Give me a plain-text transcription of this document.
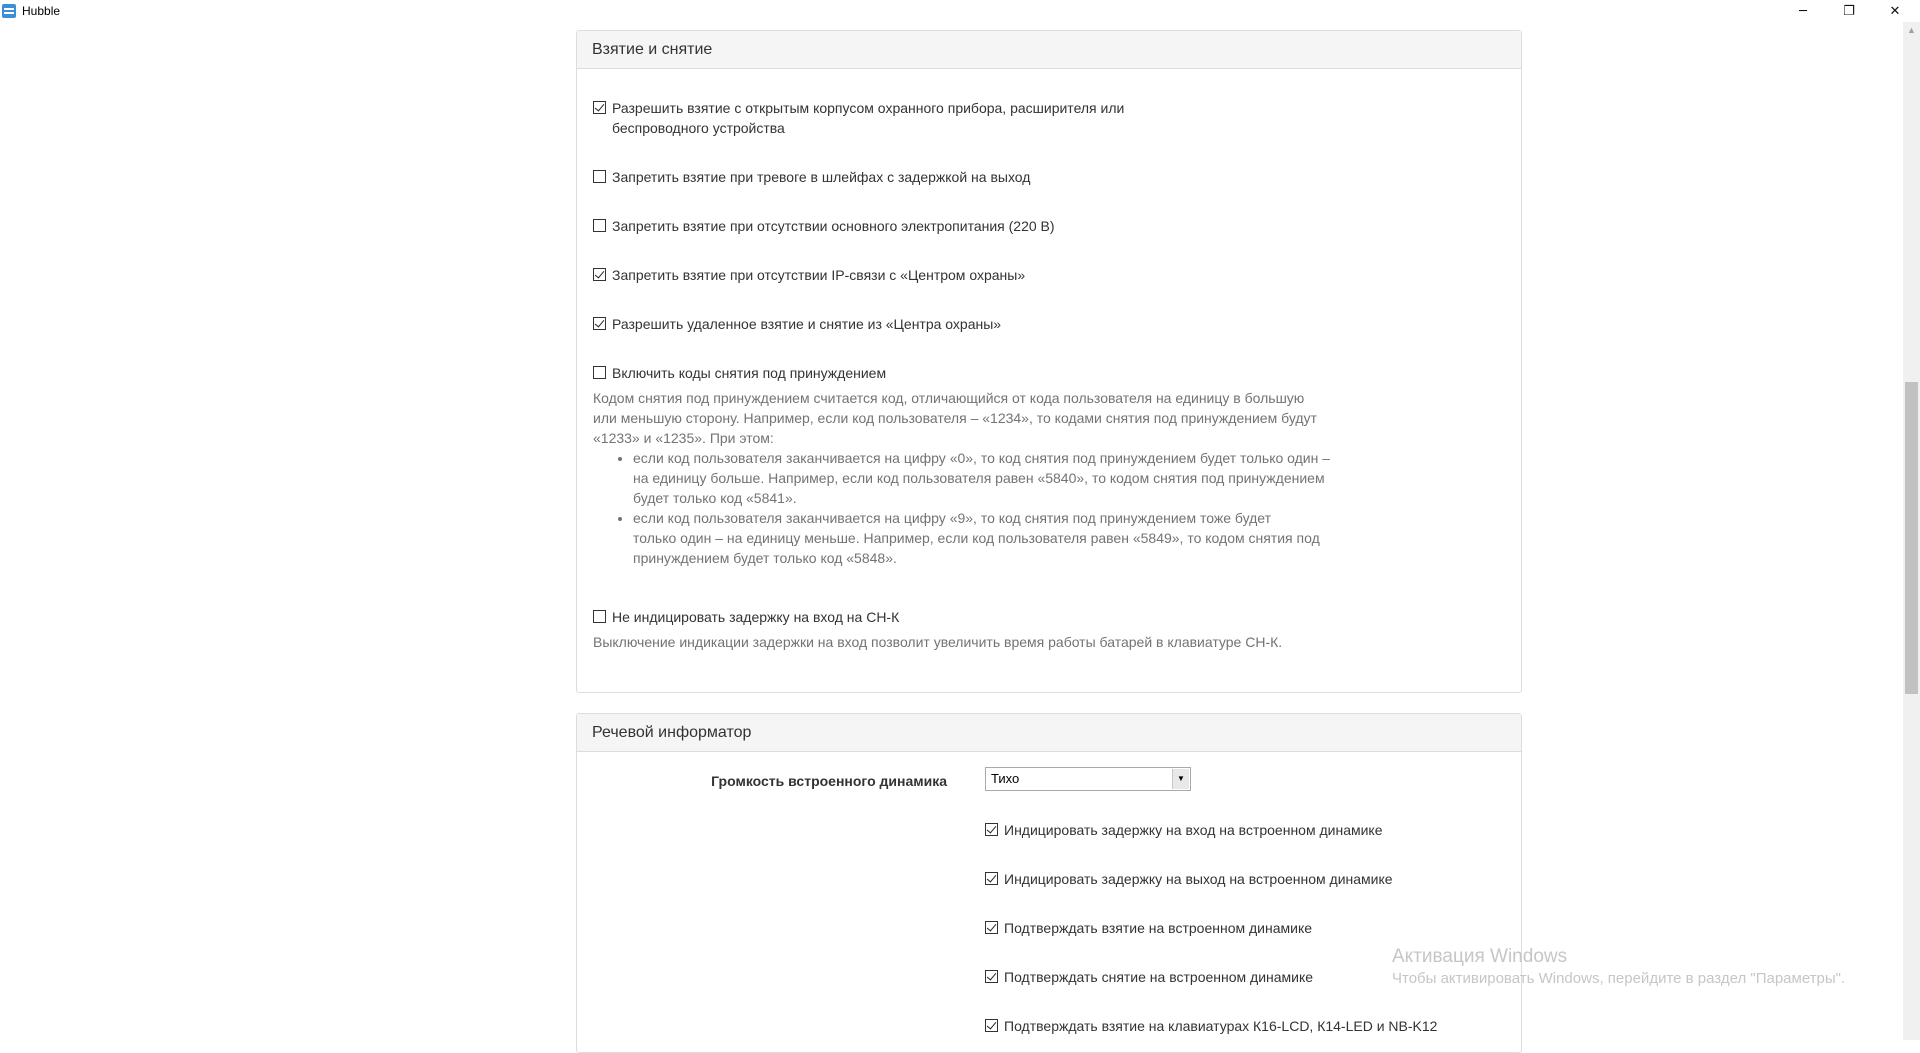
Hubble	─	❐	✕
Взятие и снятие
Разрешить взятие с открытым корпусом охранного прибора, расширителя или
беспроводного устройства
Запретить взятие при тревоге в шлейфах с задержкой на выход
Запретить взятие при отсутствии основного электропитания (220 В)
Запретить взятие при отсутствии IP-связи с «Центром охраны»
Разрешить удаленное взятие и снятие из «Центра охраны»
Включить коды снятия под принуждением
Кодом снятия под принуждением считается код, отличающийся от кода пользователя на единицу в большую
или меньшую сторону. Например, если код пользователя – «1234», то кодами снятия под принуждением будут
«1233» и «1235». При этом:
• если код пользователя заканчивается на цифру «0», то код снятия под принуждением будет только один –
на единицу больше. Например, если код пользователя равен «5840», то кодом снятия под принуждением
будет только код «5841».
• если код пользователя заканчивается на цифру «9», то код снятия под принуждением тоже будет
только один – на единицу меньше. Например, если код пользователя равен «5849», то кодом снятия под
принуждением будет только код «5848».
Не индицировать задержку на вход на СН-К
Выключение индикации задержки на вход позволит увеличить время работы батарей в клавиатуре СН-К.
Речевой информатор
Громкость встроенного динамика	Тихо	▼
Индицировать задержку на вход на встроенном динамике
Индицировать задержку на выход на встроенном динамике
Подтверждать взятие на встроенном динамике
Подтверждать снятие на встроенном динамике
Подтверждать взятие на клавиатурах К16-LCD, К14-LED и NB-K12
▲
Активация Windows
Чтобы активировать Windows, перейдите в раздел "Параметры".
